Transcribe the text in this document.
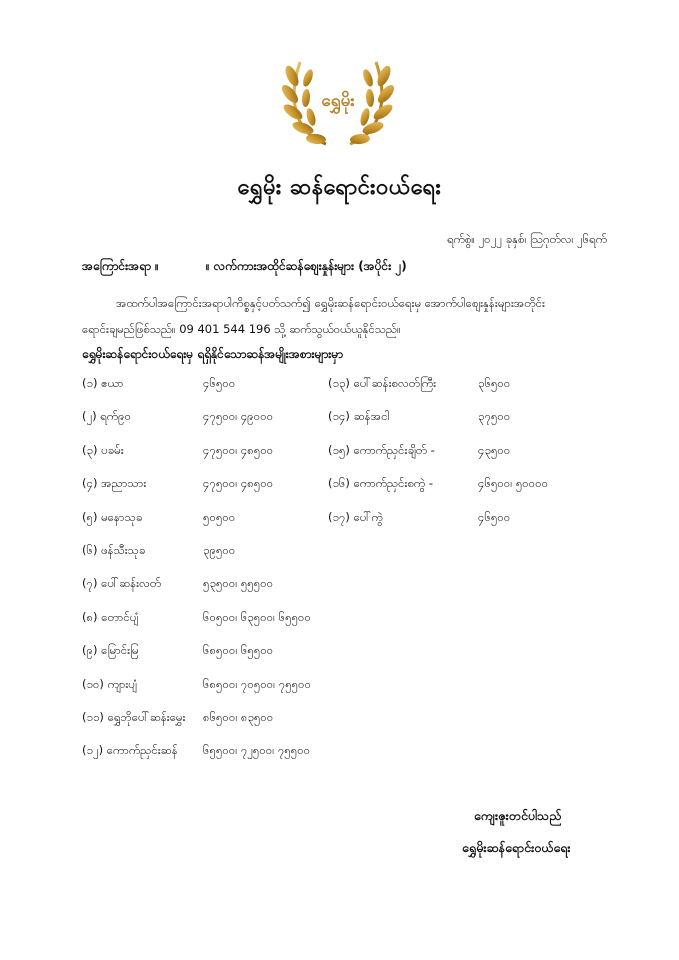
ရွှေမိုး
ရွှေမိုး ဆန်ရောင်းဝယ်ရေး
ရက်စွဲ။ ၂၀၂၂ ခုနှစ်၊ ဩဂုတ်လ၊ ၂၆ရက်
အကြောင်းအရာ ။	။ လက်ကားအထိုင်ဆန်စျေးနှုန်းများ (အပိုင်း ၂)
အထက်ပါအကြောင်းအရာပါကိစ္စနှင့်ပတ်သက်၍ ရွှေမိုးဆန်ရောင်းဝယ်ရေးမှ အောက်ပါစျေးနှုန်းများအတိုင်း
ရောင်းချမည်ဖြစ်သည်။ 09 401 544 196 သို့ ဆက်သွယ်ဝယ်ယူနိုင်သည်။
ရွှေမိုးဆန်ရောင်းဝယ်ရေးမှ ရရှိနိုင်သောဆန်အမျိုးအစားများမှာ
(၁) ဧယာ	၄၆၅၀၀
(၂) ရက်၉၀	၄၇၅၀၀၊ ၄၉၀၀၀
(၃) ပခမ်း	၄၇၅၀၀၊ ၄၈၅၀၀
(၄) အညာသား	၄၇၅၀၀၊ ၄၈၅၀၀
(၅) မနောသုခ	၅၀၅၀၀
(၆) ဖန်သီးသုခ	၃၉၅၀၀
(၇) ပေါ်ဆန်းလတ်	၅၃၅၀၀၊ ၅၅၅၀၀
(၈) တောင်ပျံ	၆၀၅၀၀၊ ၆၃၅၀၀၊ ၆၅၅၀၀
(၉) မြောင်းမြ	၆၈၅၀၀၊ ၆၅၅၀၀
(၁၀) ကျားပျံ	၆၈၅၀၀၊ ၇၀၅၀၀၊ ၇၅၅၀၀
(၁၁) ရွှေဘိုပေါ်ဆန်းမွှေး ၈၆၅၀၀၊ ၈၃၅၀၀
(၁၂) ကောက်ညှင်းဆန် ၆၅၅၀၀၊ ၇၂၅၀၀၊ ၇၅၅၀၀
(၁၃) ပေါ်ဆန်းစလတ်ကြီး	၃၆၅၀၀
(၁၄) ဆန်အငါ	၃၇၅၀၀
(၁၅) ကောက်ညှင်းချိတ် -	၄၃၅၀၀
(၁၆) ကောက်ညှင်းစကွဲ -	၄၆၅၀၀၊ ၅၀၀၀၀
(၁၇) ပေါ်ကွဲ	၄၆၅၀၀
ကျေးဇူးတင်ပါသည်
ရွှေမိုးဆန်ရောင်းဝယ်ရေး
